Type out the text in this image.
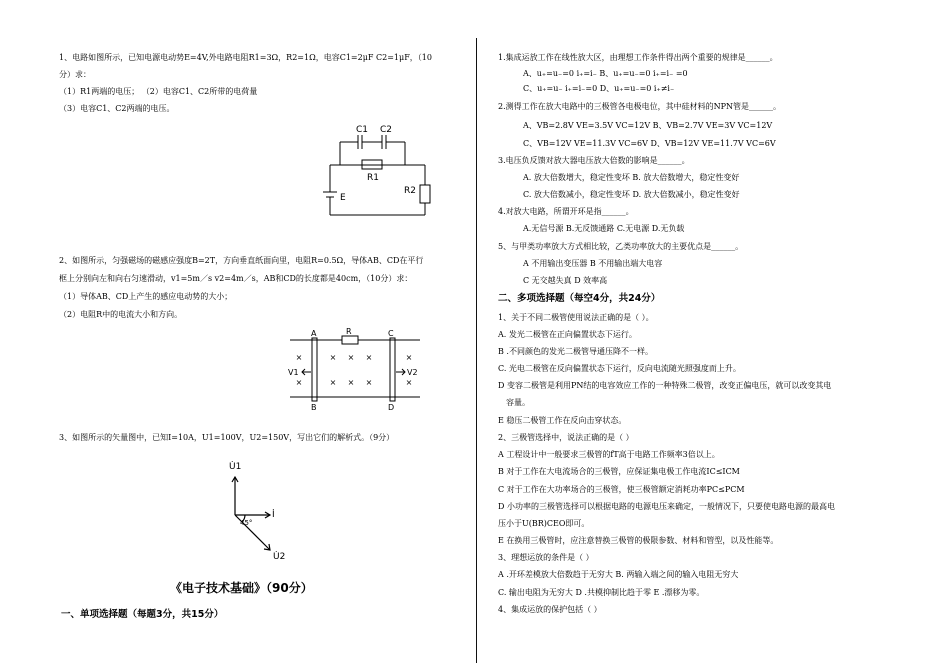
1、电路如图所示，已知电源电动势E=4V,外电路电阻R1=3Ω，R2=1Ω，电容C1=2μF C2=1μF，（10
分）求：
（1）R1两端的电压； （2）电容C1、C2所带的电荷量
（3）电容C1、C2两端的电压。
C1 C2
R1
R2
E
2、如图所示，匀强磁场的磁感应强度B=2T，方向垂直纸面向里，电阻R=0.5Ω，导体AB、CD在平行
框上分别向左和向右匀速滑动，v1=5m／s v2=4m／s，AB和CD的长度都是40cm，（10分）求：
（1）导体AB、CD上产生的感应电动势的大小；
（2）电阻R中的电流大小和方向。
×
×
×
×
×
×
×
×
×
×
A
B
C
D
R
V1	V2
3、如图所示的矢量图中，已知I=10A，U1=100V，U2=150V，写出它们的解析式。（9分）
U̇1
İ
U̇2
45°
《电子技术基础》（90分）
一、单项选择题（每题3分，共15分）
1.集成运放工作在线性放大区，由理想工作条件得出两个重要的规律是______。
A、u₊=u₋=0 i₊=i₋ B、u₊=u₋=0 i₊=i₋ =0
C、u₊=u₋ i₊=i₋=0 D、u₊=u₋=0 i₊≠i₋
2.测得工作在放大电路中的三极管各电极电位，其中硅材料的NPN管是______。
A、VB=2.8V VE=3.5V VC=12V B、VB=2.7V VE=3V VC=12V
C、VB=12V VE=11.3V VC=6V D、VB=12V VE=11.7V VC=6V
3.电压负反馈对放大器电压放大倍数的影响是______。
A. 放大倍数增大，稳定性变坏 B. 放大倍数增大，稳定性变好
C. 放大倍数减小，稳定性变坏 D. 放大倍数减小，稳定性变好
4.对放大电路，所谓开环是指______。
A.无信号源 B.无反馈通路 C.无电源 D.无负载
5、与甲类功率放大方式相比较，乙类功率放大的主要优点是______。
A 不用输出变压器 B 不用输出端大电容
C 无交越失真 D 效率高
二、多项选择题（每空4分，共24分）
1、关于不同二极管使用说法正确的是（ ）。
A. 发光二极管在正向偏置状态下运行。
B .不同颜色的发光二极管导通压降不一样。
C. 光电二极管在反向偏置状态下运行，反向电流随光照强度而上升。
D 变容二极管是利用PN结的电容效应工作的一种特殊二极管，改变正偏电压，就可以改变其电
容量。
E 稳压二极管工作在反向击穿状态。
2、三极管选择中，说法正确的是（ ）
A 工程设计中一般要求三极管的fT高于电路工作频率3倍以上。
B 对于工作在大电流场合的三极管，应保证集电极工作电流IC≤ICM
C 对于工作在大功率场合的三极管，使三极管额定消耗功率PC≤PCM
D 小功率的三极管选择可以根据电路的电源电压来确定，一般情况下，只要使电路电源的最高电
压小于U(BR)CEO即可。
E 在换用三极管时，应注意替换三极管的极限参数、材料和管型，以及性能等。
3、理想运放的条件是（ ）
A .开环差模放大倍数趋于无穷大 B. 两输入端之间的输入电阻无穷大
C. 输出电阻为无穷大 D .共模抑制比趋于零 E .漂移为零。
4、集成运放的保护包括（ ）
